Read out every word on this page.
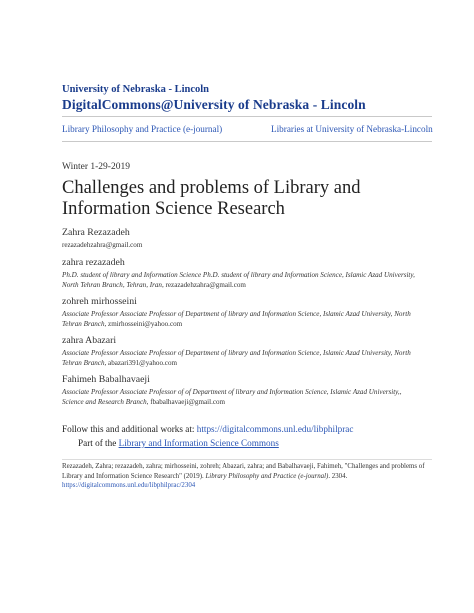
University of Nebraska - Lincoln
DigitalCommons@University of Nebraska - Lincoln
Library Philosophy and Practice (e-journal)	Libraries at University of Nebraska-Lincoln
Winter 1-29-2019
Challenges and problems of Library and Information Science Research
Zahra Rezazadeh
rezazadehzahra@gmail.com
zahra rezazadeh
Ph.D. student of library and Information Science Ph.D. student of library and Information Science, Islamic Azad University, North Tehran Branch, Tehran, Iran, rezazadehzahra@gmail.com
zohreh mirhosseini
Associate Professor Associate Professor of Department of library and Information Science, Islamic Azad University, North Tehran Branch, zmirhosseini@yahoo.com
zahra Abazari
Associate Professor Associate Professor of Department of library and Information Science, Islamic Azad University, North Tehran Branch, abazari391@yahoo.com
Fahimeh Babalhavaeji
Associate Professor Associate Professor of of Department of library and Information Science, Islamic Azad University,, Science and Research Branch, fbabalhavaeji@gmail.com
Follow this and additional works at: https://digitalcommons.unl.edu/libphilprac
Part of the Library and Information Science Commons
Rezazadeh, Zahra; rezazadeh, zahra; mirhosseini, zohreh; Abazari, zahra; and Babalhavaeji, Fahimeh, "Challenges and problems of Library and Information Science Research" (2019). Library Philosophy and Practice (e-journal). 2304.
https://digitalcommons.unl.edu/libphilprac/2304
